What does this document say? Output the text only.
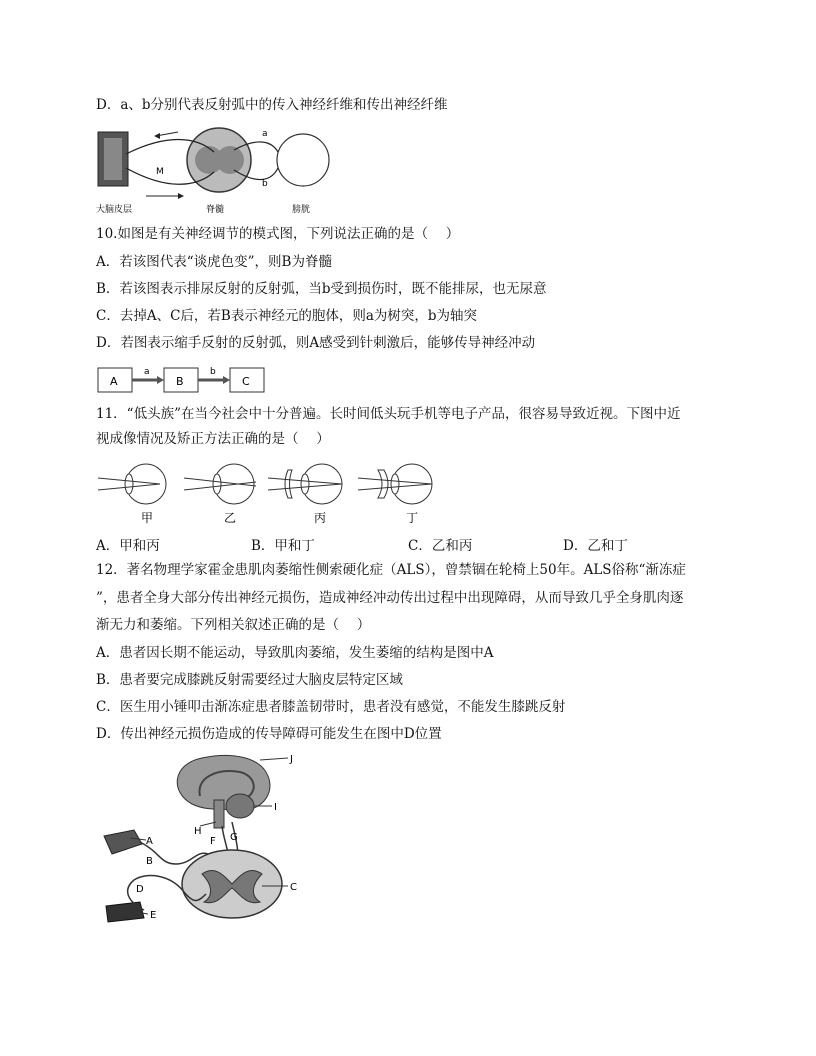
D．a、b分别代表反射弧中的传入神经纤维和传出神经纤维
a
b
M
大脑皮层	脊髓	膀胱
10.如图是有关神经调节的模式图，下列说法正确的是（　 ）
A．若该图代表“谈虎色变”，则B为脊髓
B．若该图表示排尿反射的反射弧，当b受到损伤时，既不能排尿，也无尿意
C．去掉A、C后，若B表示神经元的胞体，则a为树突，b为轴突
D．若图表示缩手反射的反射弧，则A感受到针刺激后，能够传导神经冲动
A	B	C
a	b
11．“低头族”在当今社会中十分普遍。长时间低头玩手机等电子产品，很容易导致近视。下图中近
视成像情况及矫正方法正确的是（　 ）
甲	乙	丙	丁
A．甲和丙	B．甲和丁	C．乙和丙	D．乙和丁
12．著名物理学家霍金患肌肉萎缩性侧索硬化症（ALS），曾禁锢在轮椅上50年。ALS俗称“渐冻症
”，患者全身大部分传出神经元损伤，造成神经冲动传出过程中出现障碍，从而导致几乎全身肌肉逐
渐无力和萎缩。下列相关叙述正确的是（　 ）
A．患者因长期不能运动，导致肌肉萎缩，发生萎缩的结构是图中A
B．患者要完成膝跳反射需要经过大脑皮层特定区域
C．医生用小锤叩击渐冻症患者膝盖韧带时，患者没有感觉，不能发生膝跳反射
D．传出神经元损伤造成的传导障碍可能发生在图中D位置
J
I
H
F G
A
B
C
D
E
